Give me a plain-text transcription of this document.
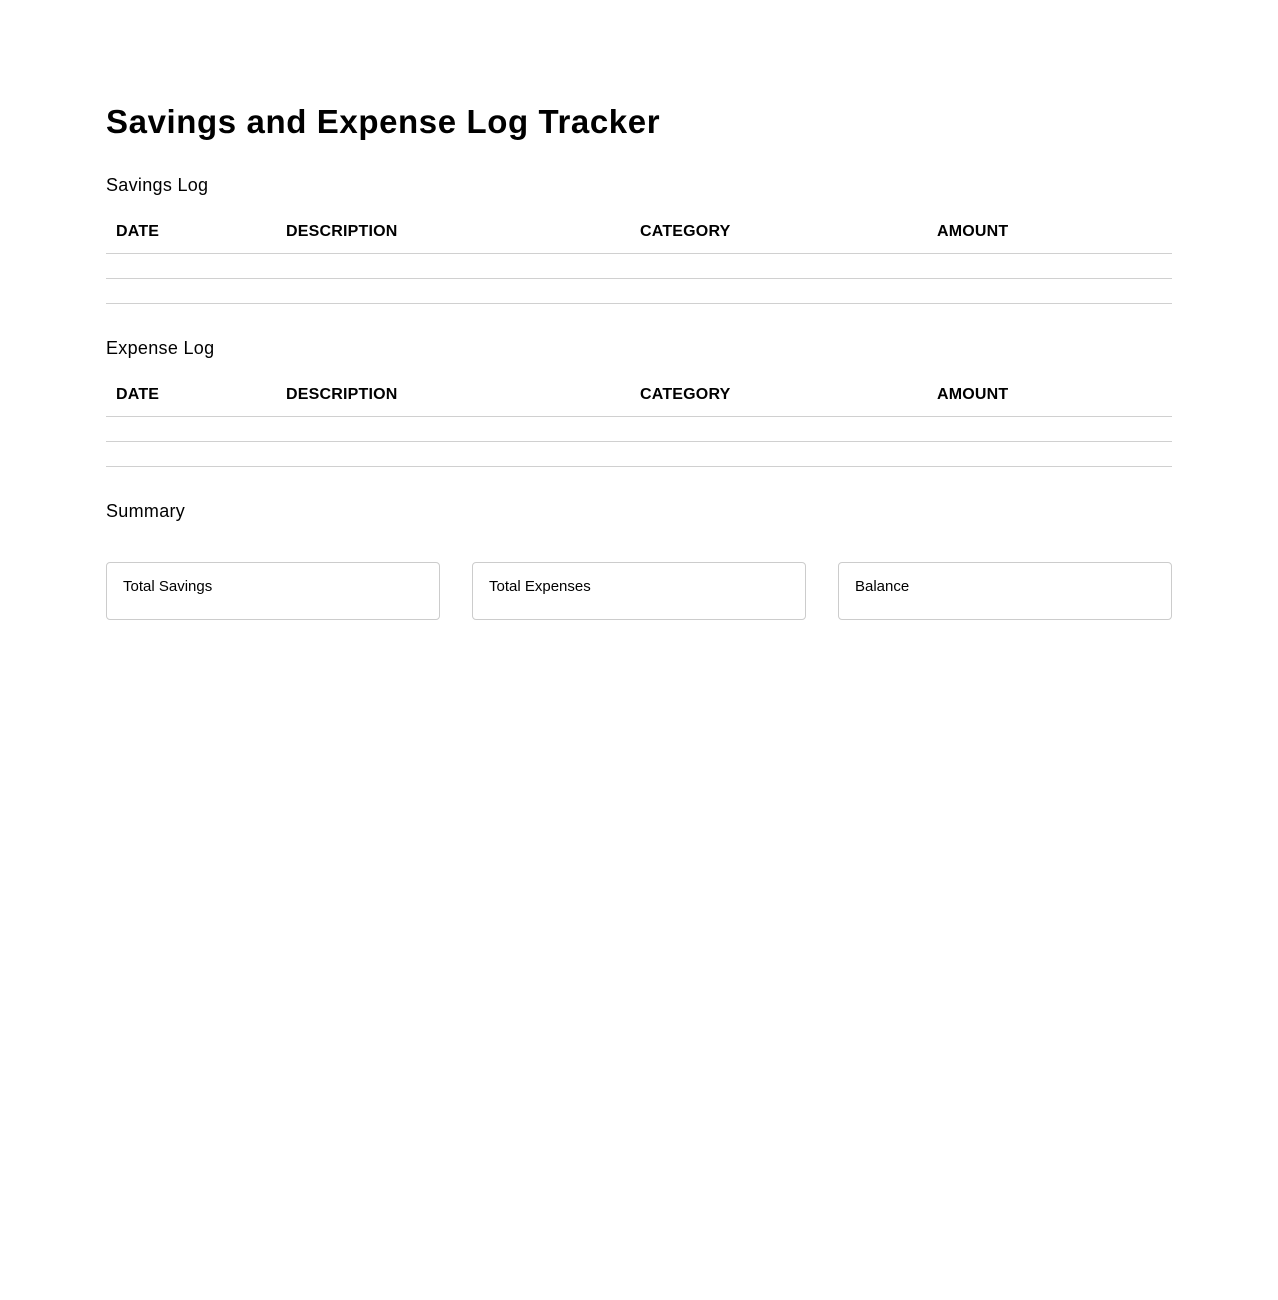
Savings and Expense Log Tracker
Savings Log
DATE	DESCRIPTION	CATEGORY	AMOUNT

Expense Log
DATE	DESCRIPTION	CATEGORY	AMOUNT

Summary
Total Savings	Total Expenses	Balance
